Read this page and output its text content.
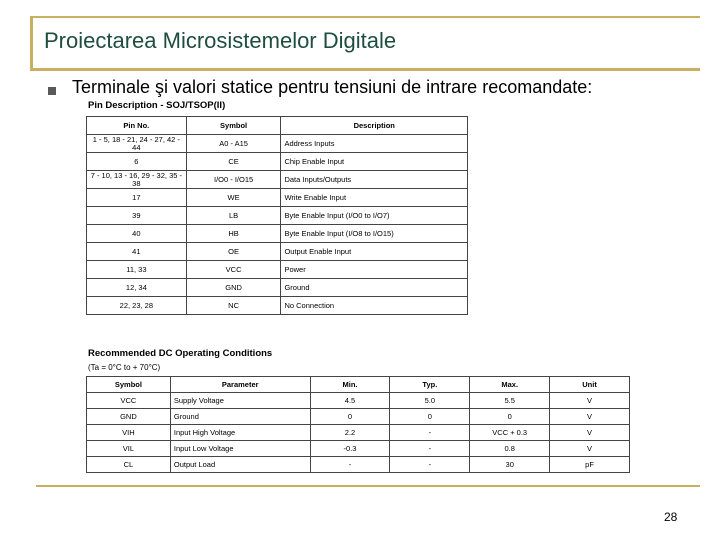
Proiectarea Microsistemelor Digitale
Terminale şi valori statice pentru tensiuni de intrare recomandate:
Pin Description - SOJ/TSOP(II)
Pin No.	Symbol	Description
1 - 5, 18 - 21, 24 - 27, 42 - 44	A0 - A15	Address Inputs
6	CE	Chip Enable Input
7 - 10, 13 - 16, 29 - 32, 35 - 38	I/O0 - I/O15	Data Inputs/Outputs
17	WE	Write Enable Input
39	LB	Byte Enable Input (I/O0 to I/O7)
40	HB	Byte Enable Input (I/O8 to I/O15)
41	OE	Output Enable Input
11, 33	VCC	Power
12, 34	GND	Ground
22, 23, 28	NC	No Connection
Recommended DC Operating Conditions
(Ta = 0°C to + 70°C)
Symbol	Parameter	Min.	Typ.	Max.	Unit
VCC	Supply Voltage	4.5	5.0	5.5	V
GND	Ground	0	0	0	V
VIH	Input High Voltage	2.2	-	VCC + 0.3	V
VIL	Input Low Voltage	-0.3	-	0.8	V
CL	Output Load	-	-	30	pF
28
